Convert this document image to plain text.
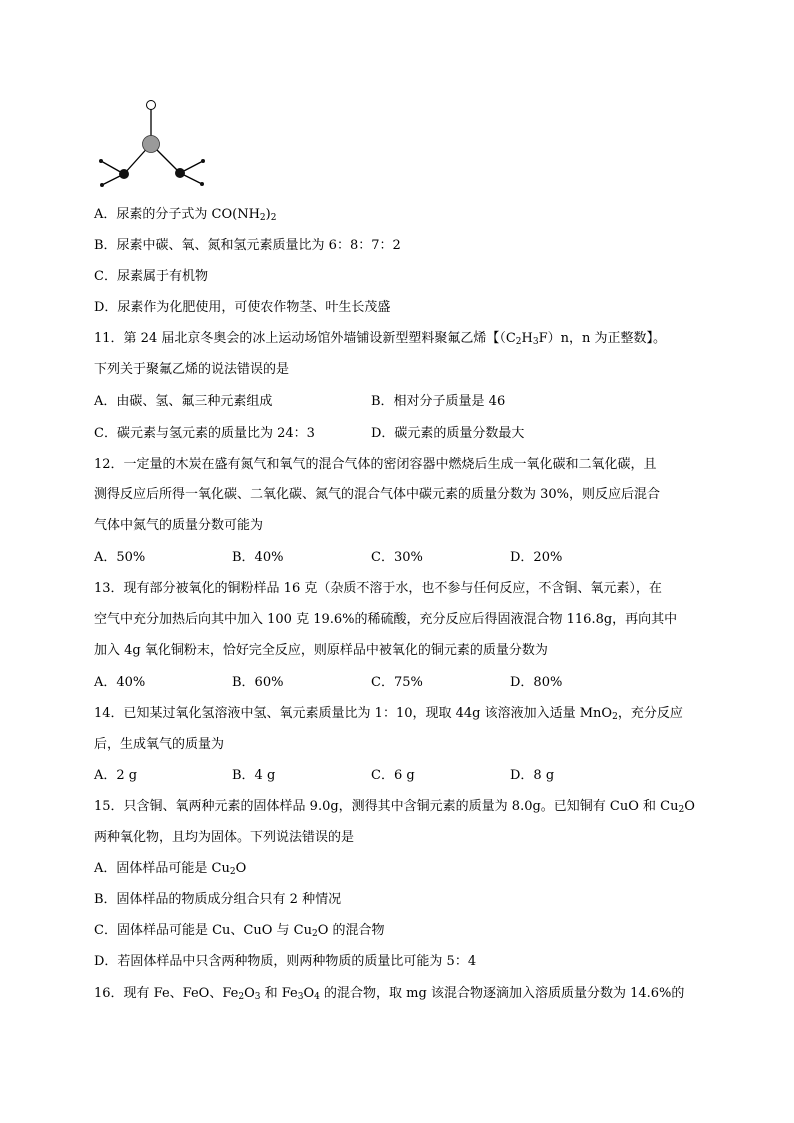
A．尿素的分子式为 $CO(NH_2)_2$
B．尿素中碳、氧、氮和氢元素质量比为 6：8：7：2
C．尿素属于有机物
D．尿素作为化肥使用，可使农作物茎、叶生长茂盛
11．第 24 届北京冬奥会的冰上运动场馆外墙铺设新型塑料聚氟乙烯【$(C_2H_3F)n$，n 为正整数】。
下列关于聚氟乙烯的说法错误的是
A．由碳、氢、氟三种元素组成	B．相对分子质量是 46
C．碳元素与氢元素的质量比为 24：3	D．碳元素的质量分数最大
12．一定量的木炭在盛有氮气和氧气的混合气体的密闭容器中燃烧后生成一氧化碳和二氧化碳，且
测得反应后所得一氧化碳、二氧化碳、氮气的混合气体中碳元素的质量分数为 30%，则反应后混合
气体中氮气的质量分数可能为
A．50%	B．40%	C．30%	D．20%
13．现有部分被氧化的铜粉样品 16 克（杂质不溶于水，也不参与任何反应，不含铜、氧元素），在
空气中充分加热后向其中加入 100 克 19.6%的稀硫酸，充分反应后得固液混合物 116.8g，再向其中
加入 4g 氧化铜粉末，恰好完全反应，则原样品中被氧化的铜元素的质量分数为
A．40%	B．60%	C．75%	D．80%
14．已知某过氧化氢溶液中氢、氧元素质量比为 1：10，现取 44g 该溶液加入适量 MnO$_2$，充分反应
后，生成氧气的质量为
A．2 g	B．4 g	C．6 g	D．8 g
15．只含铜、氧两种元素的固体样品 9.0g，测得其中含铜元素的质量为 8.0g。已知铜有 CuO 和 $Cu_2O$
两种氧化物，且均为固体。下列说法错误的是
A．固体样品可能是 $Cu_2O$
B．固体样品的物质成分组合只有 2 种情况
C．固体样品可能是 Cu、CuO 与 $Cu_2O$ 的混合物
D．若固体样品中只含两种物质，则两种物质的质量比可能为 5：4
16．现有 Fe、FeO、$Fe_2O_3$ 和 $Fe_3O_4$ 的混合物，取 mg 该混合物逐滴加入溶质质量分数为 14.6%的
